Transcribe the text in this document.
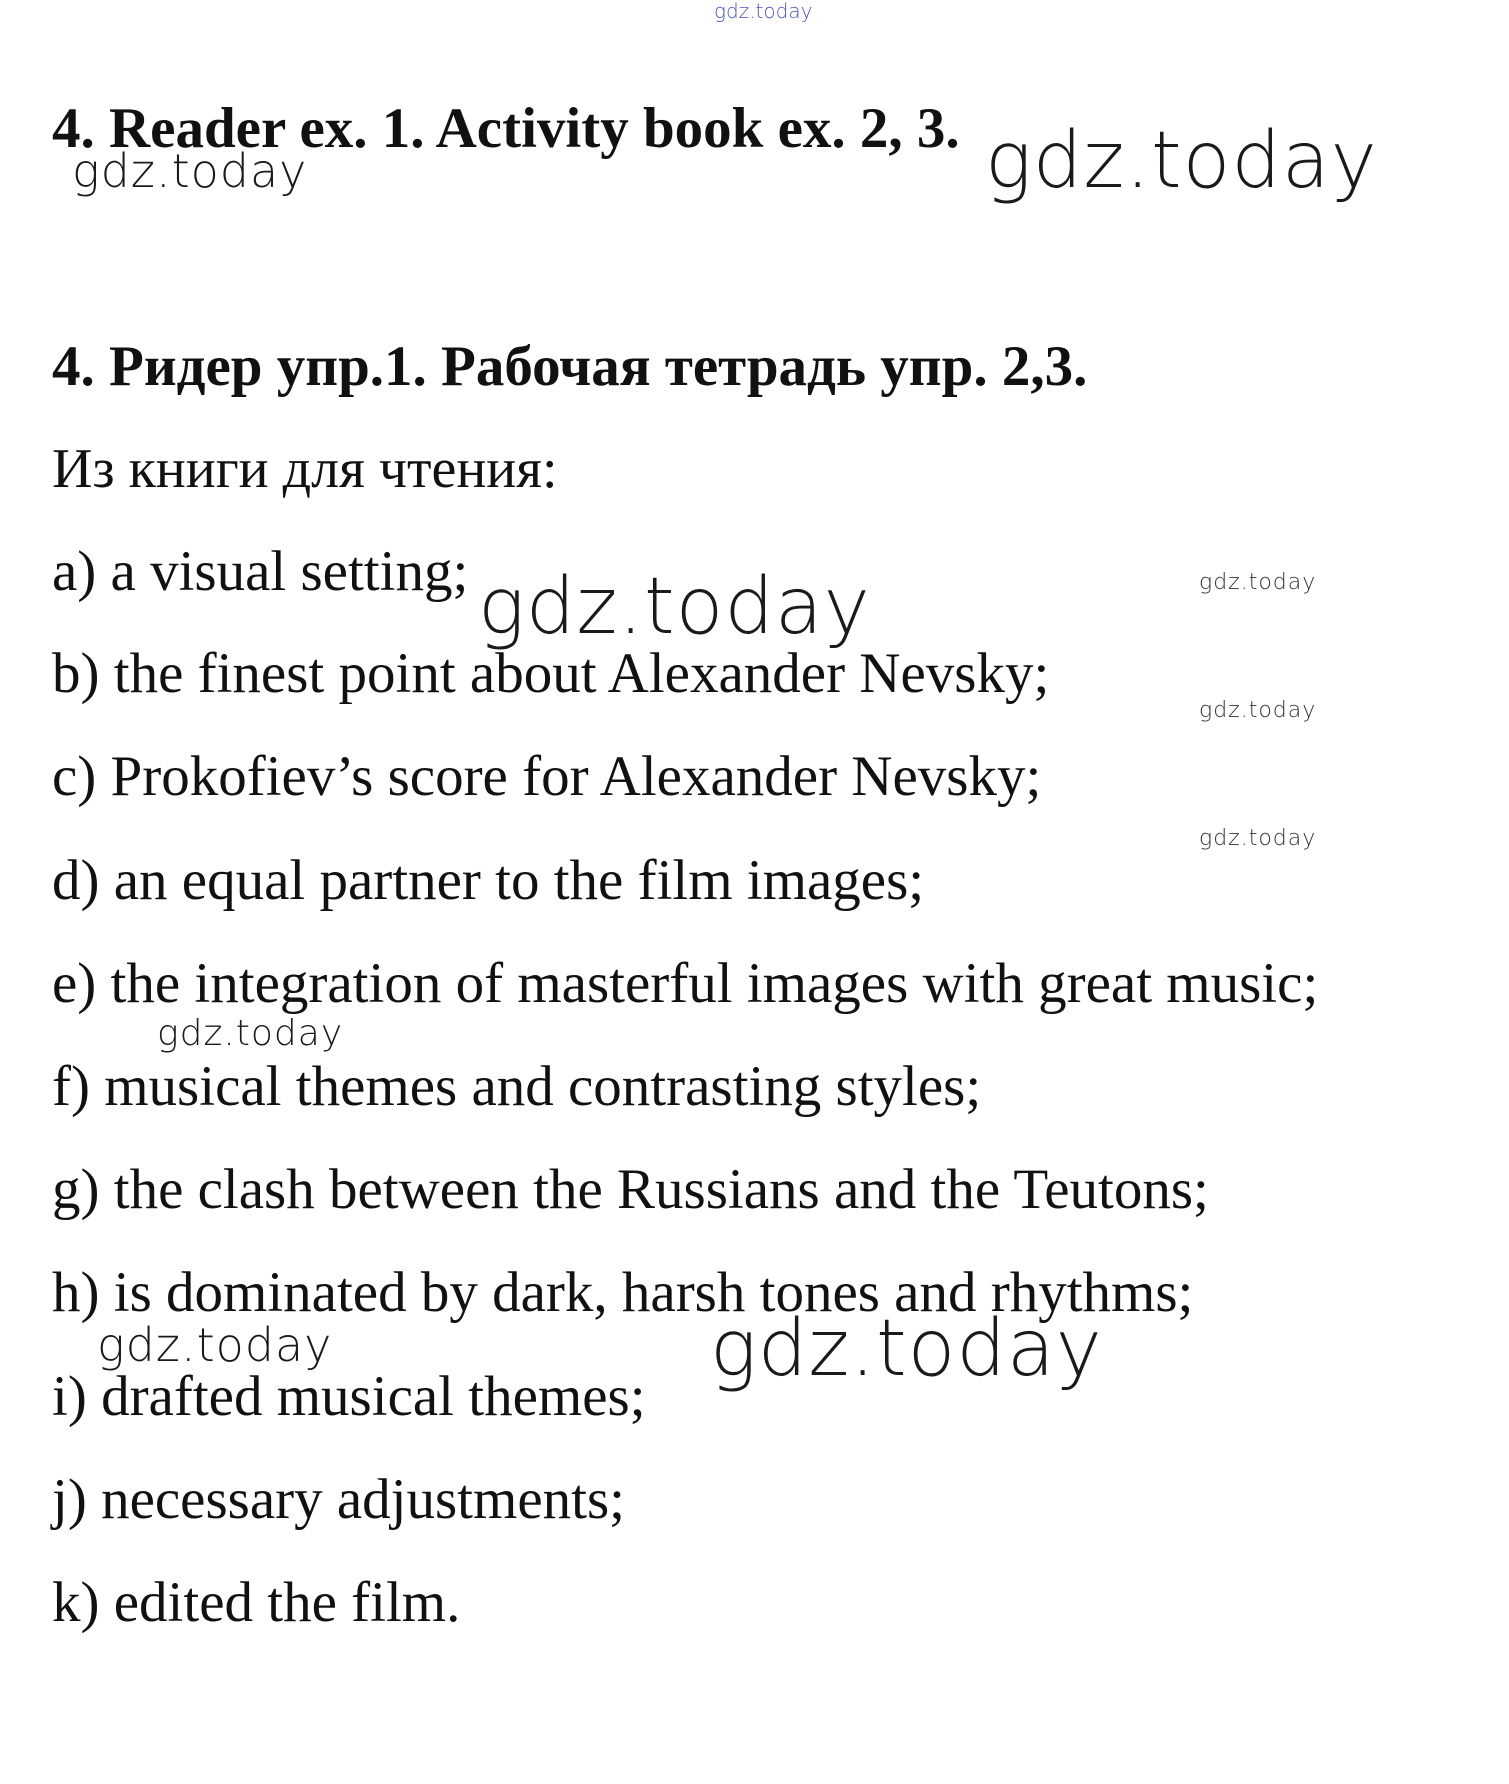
gdz.today
4. Reader ex. 1. Activity book ex. 2, 3.
gdz.today	gdz.today
4. Ридер упр.1. Рабочая тетрадь упр. 2,3.

Из книги для чтения:

a) a visual setting;
b) the finest point about Alexander Nevsky;
c) Prokofiev’s score for Alexander Nevsky;
d) an equal partner to the film images;
e) the integration of masterful images with great music;
f) musical themes and contrasting styles;
g) the clash between the Russians and the Teutons;
h) is dominated by dark, harsh tones and rhythms;
i) drafted musical themes;
j) necessary adjustments;
k) edited the film.
gdz.today	gdz.today
gdz.today
gdz.today
gdz.today
gdz.today	gdz.today
